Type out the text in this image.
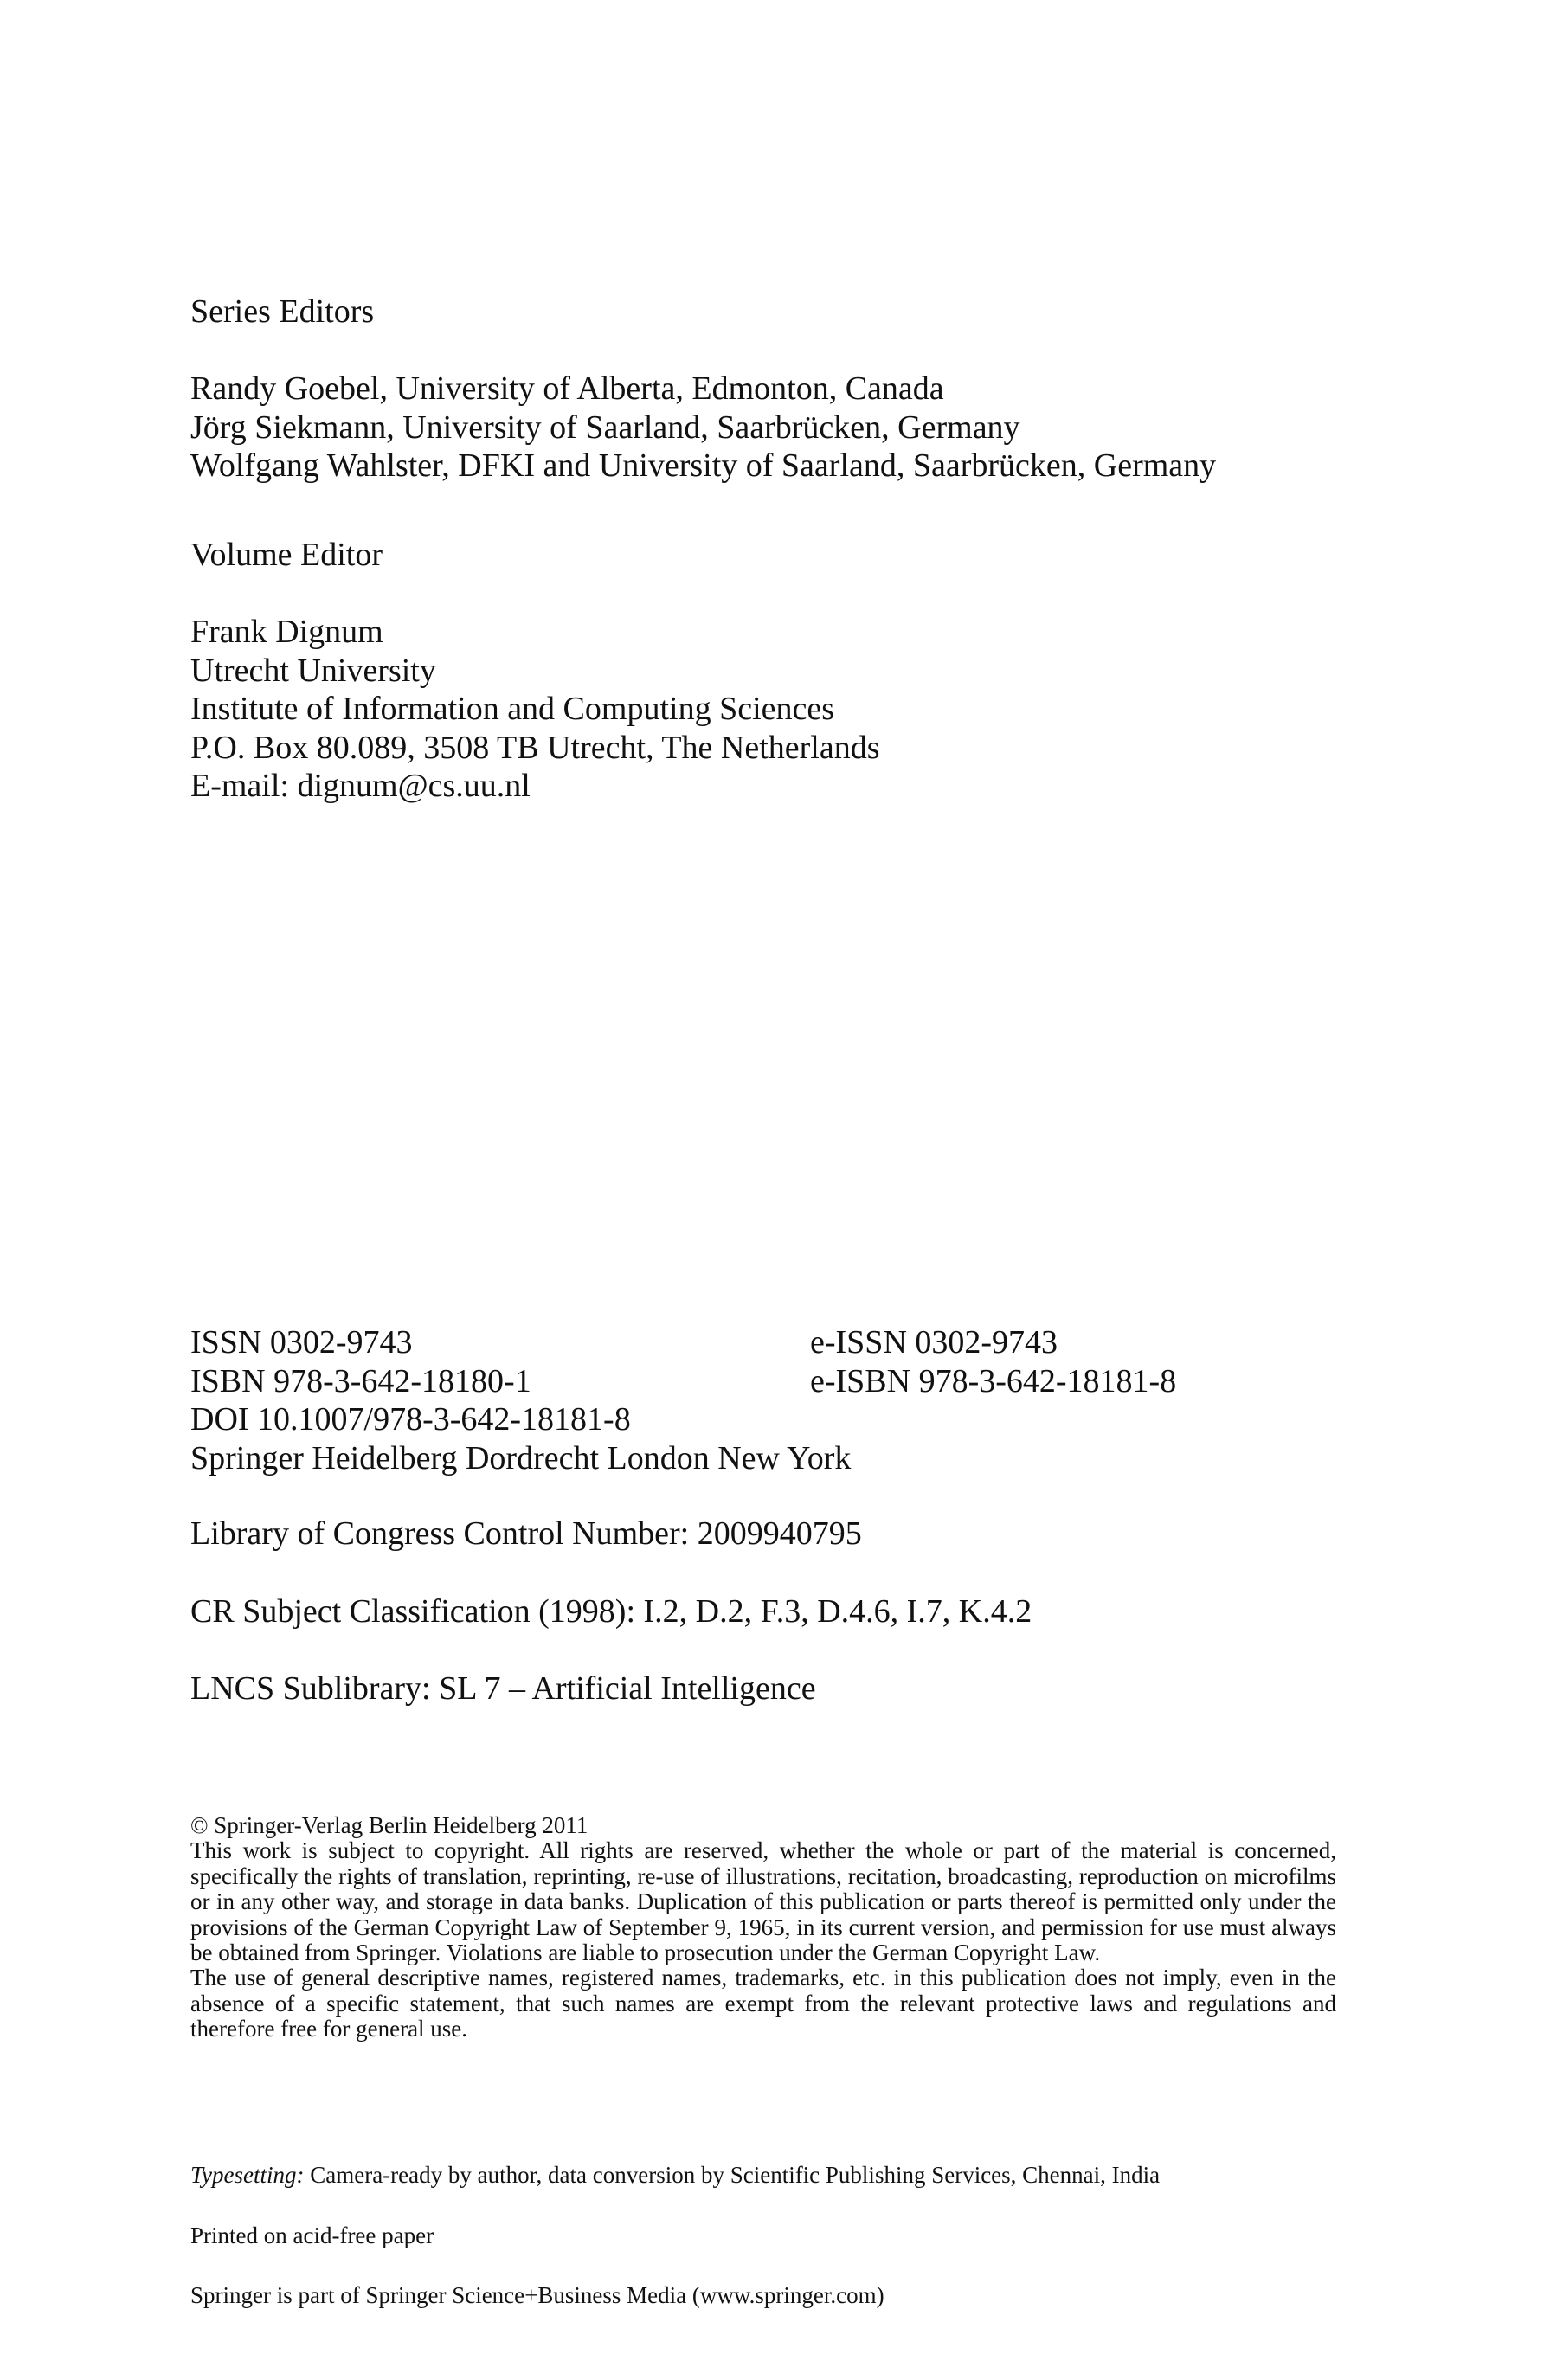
Series Editors

Randy Goebel, University of Alberta, Edmonton, Canada

Jörg Siekmann, University of Saarland, Saarbrücken, Germany

Wolfgang Wahlster, DFKI and University of Saarland, Saarbrücken, Germany

Volume Editor

Frank Dignum

Utrecht University

Institute of Information and Computing Sciences

P.O. Box 80.089, 3508 TB Utrecht, The Netherlands

E-mail: dignum@cs.uu.nl

ISSN 0302-9743	e-ISSN 0302-9743
ISBN 978-3-642-18180-1	e-ISBN 978-3-642-18181-8

DOI 10.1007/978-3-642-18181-8

Springer Heidelberg Dordrecht London New York

Library of Congress Control Number: 2009940795

CR Subject Classification (1998): I.2, D.2, F.3, D.4.6, I.7, K.4.2

LNCS Sublibrary: SL 7 – Artificial Intelligence

© Springer-Verlag Berlin Heidelberg 2011

This work is subject to copyright. All rights are reserved, whether the whole or part of the material is concerned, specifically the rights of translation, reprinting, re-use of illustrations, recitation, broadcasting, reproduction on microfilms or in any other way, and storage in data banks. Duplication of this publication or parts thereof is permitted only under the provisions of the German Copyright Law of September 9, 1965, in its current version, and permission for use must always be obtained from Springer. Violations are liable to prosecution under the German Copyright Law.

The use of general descriptive names, registered names, trademarks, etc. in this publication does not imply, even in the absence of a specific statement, that such names are exempt from the relevant protective laws and regulations and therefore free for general use.

Typesetting: Camera-ready by author, data conversion by Scientific Publishing Services, Chennai, India

Printed on acid-free paper

Springer is part of Springer Science+Business Media (www.springer.com)
